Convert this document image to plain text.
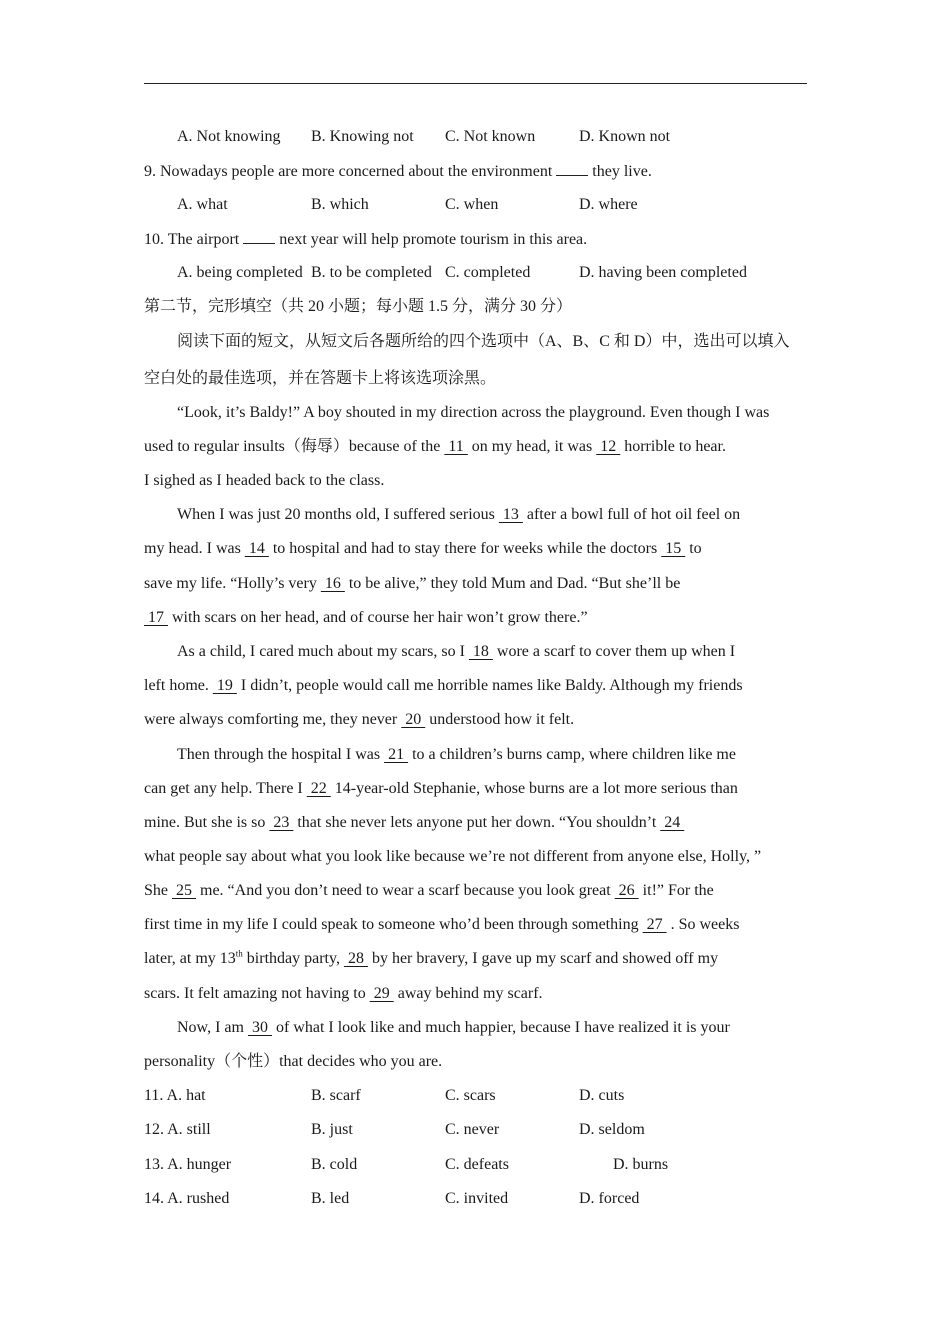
A. Not knowing B. Knowing not C. Not known	D. Known not
9. Nowadays people are more concerned about the environment  they live.
A. what	B. which	C. when	D. where
10. The airport  next year will help promote tourism in this area.
A. being completed B. to be completed C. completed	D. having been completed
第二节，完形填空（共 20 小题；每小题 1.5 分，满分 30 分）
阅读下面的短文，从短文后各题所给的四个选项中（A、B、C 和 D）中，选出可以填入
空白处的最佳选项，并在答题卡上将该选项涂黑。
“Look, it’s Baldy!” A boy shouted in my direction across the playground. Even though I was
used to regular insults（侮辱）because of the  11  on my head, it was  12  horrible to hear.
I sighed as I headed back to the class.
When I was just 20 months old, I suffered serious  13  after a bowl full of hot oil feel on
my head. I was  14  to hospital and had to stay there for weeks while the doctors  15  to
save my life. “Holly’s very  16  to be alive,” they told Mum and Dad. “But she’ll be
17  with scars on her head, and of course her hair won’t grow there.”
As a child, I cared much about my scars, so I  18  wore a scarf to cover them up when I
left home.  19  I didn’t, people would call me horrible names like Baldy. Although my friends
were always comforting me, they never  20  understood how it felt.
Then through the hospital I was  21  to a children’s burns camp, where children like me
can get any help. There I  22  14-year-old Stephanie, whose burns are a lot more serious than
mine. But she is so  23  that she never lets anyone put her down. “You shouldn’t  24
what people say about what you look like because we’re not different from anyone else, Holly, ”
She  25  me. “And you don’t need to wear a scarf because you look great  26  it!” For the
first time in my life I could speak to someone who’d been through something  27  . So weeks
later, at my 13th birthday party,  28  by her bravery, I gave up my scarf and showed off my
scars. It felt amazing not having to  29  away behind my scarf.
Now, I am  30  of what I look like and much happier, because I have realized it is your
personality（个性）that decides who you are.
11. A. hat	B. scarf	C. scars	D. cuts
12. A. still	B. just	C. never	D. seldom
13. A. hunger	B. cold	C. defeats	D. burns
14. A. rushed	B. led	C. invited	D. forced
